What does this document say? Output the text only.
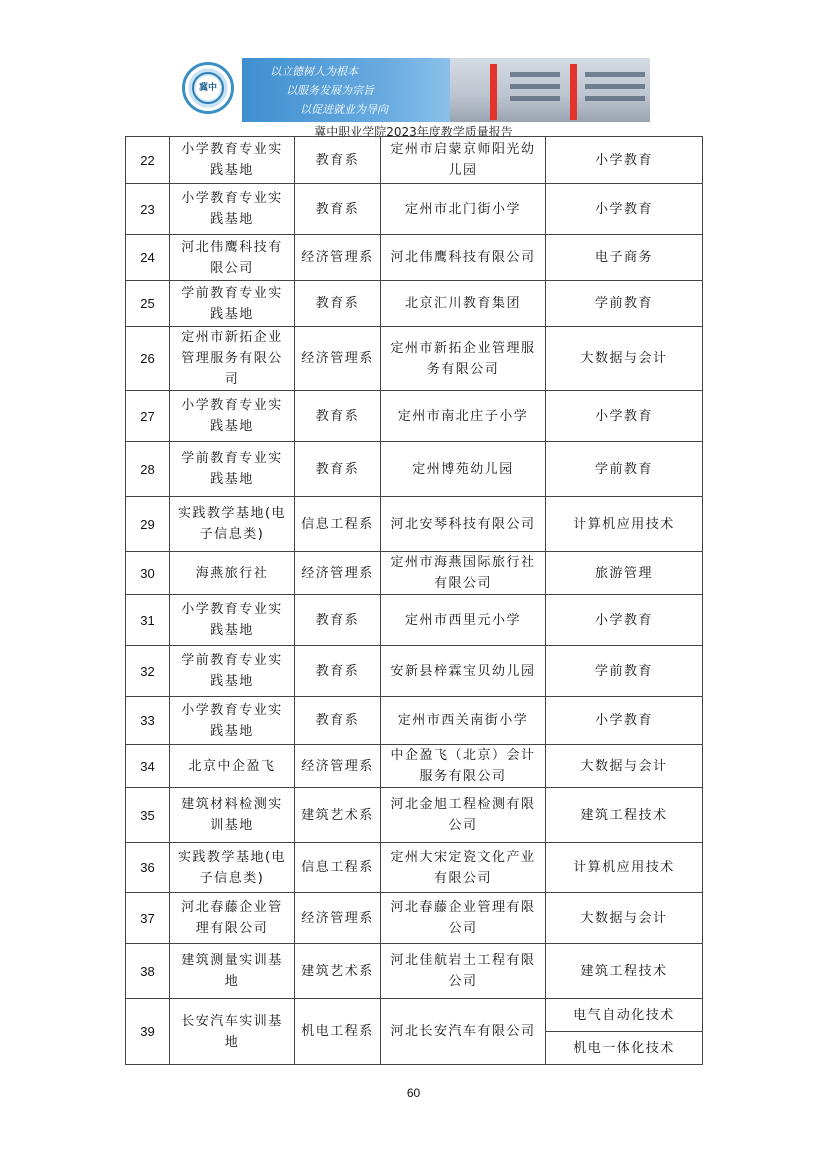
冀中
以立德树人为根本
以服务发展为宗旨
以促进就业为导向
冀中职业学院2023年度教学质量报告
22	小学教育专业实践基地	教育系	定州市启蒙京师阳光幼儿园	小学教育
23	小学教育专业实践基地	教育系	定州市北门街小学	小学教育
24	河北伟鹰科技有限公司	经济管理系	河北伟鹰科技有限公司	电子商务
25	学前教育专业实践基地	教育系	北京汇川教育集团	学前教育
26	定州市新拓企业管理服务有限公司	经济管理系	定州市新拓企业管理服务有限公司	大数据与会计
27	小学教育专业实践基地	教育系	定州市南北庄子小学	小学教育
28	学前教育专业实践基地	教育系	定州博苑幼儿园	学前教育
29	实践教学基地(电子信息类)	信息工程系	河北安琴科技有限公司	计算机应用技术
30	海燕旅行社	经济管理系	定州市海燕国际旅行社有限公司	旅游管理
31	小学教育专业实践基地	教育系	定州市西里元小学	小学教育
32	学前教育专业实践基地	教育系	安新县梓霖宝贝幼儿园	学前教育
33	小学教育专业实践基地	教育系	定州市西关南街小学	小学教育
34	北京中企盈飞	经济管理系	中企盈飞（北京）会计服务有限公司	大数据与会计
35	建筑材料检测实训基地	建筑艺术系	河北金旭工程检测有限公司	建筑工程技术
36	实践教学基地(电子信息类)	信息工程系	定州大宋定瓷文化产业有限公司	计算机应用技术
37	河北春藤企业管理有限公司	经济管理系	河北春藤企业管理有限公司	大数据与会计
38	建筑测量实训基地	建筑艺术系	河北佳航岩土工程有限公司	建筑工程技术
39	长安汽车实训基地	机电工程系	河北长安汽车有限公司	电气自动化技术
				机电一体化技术
60
